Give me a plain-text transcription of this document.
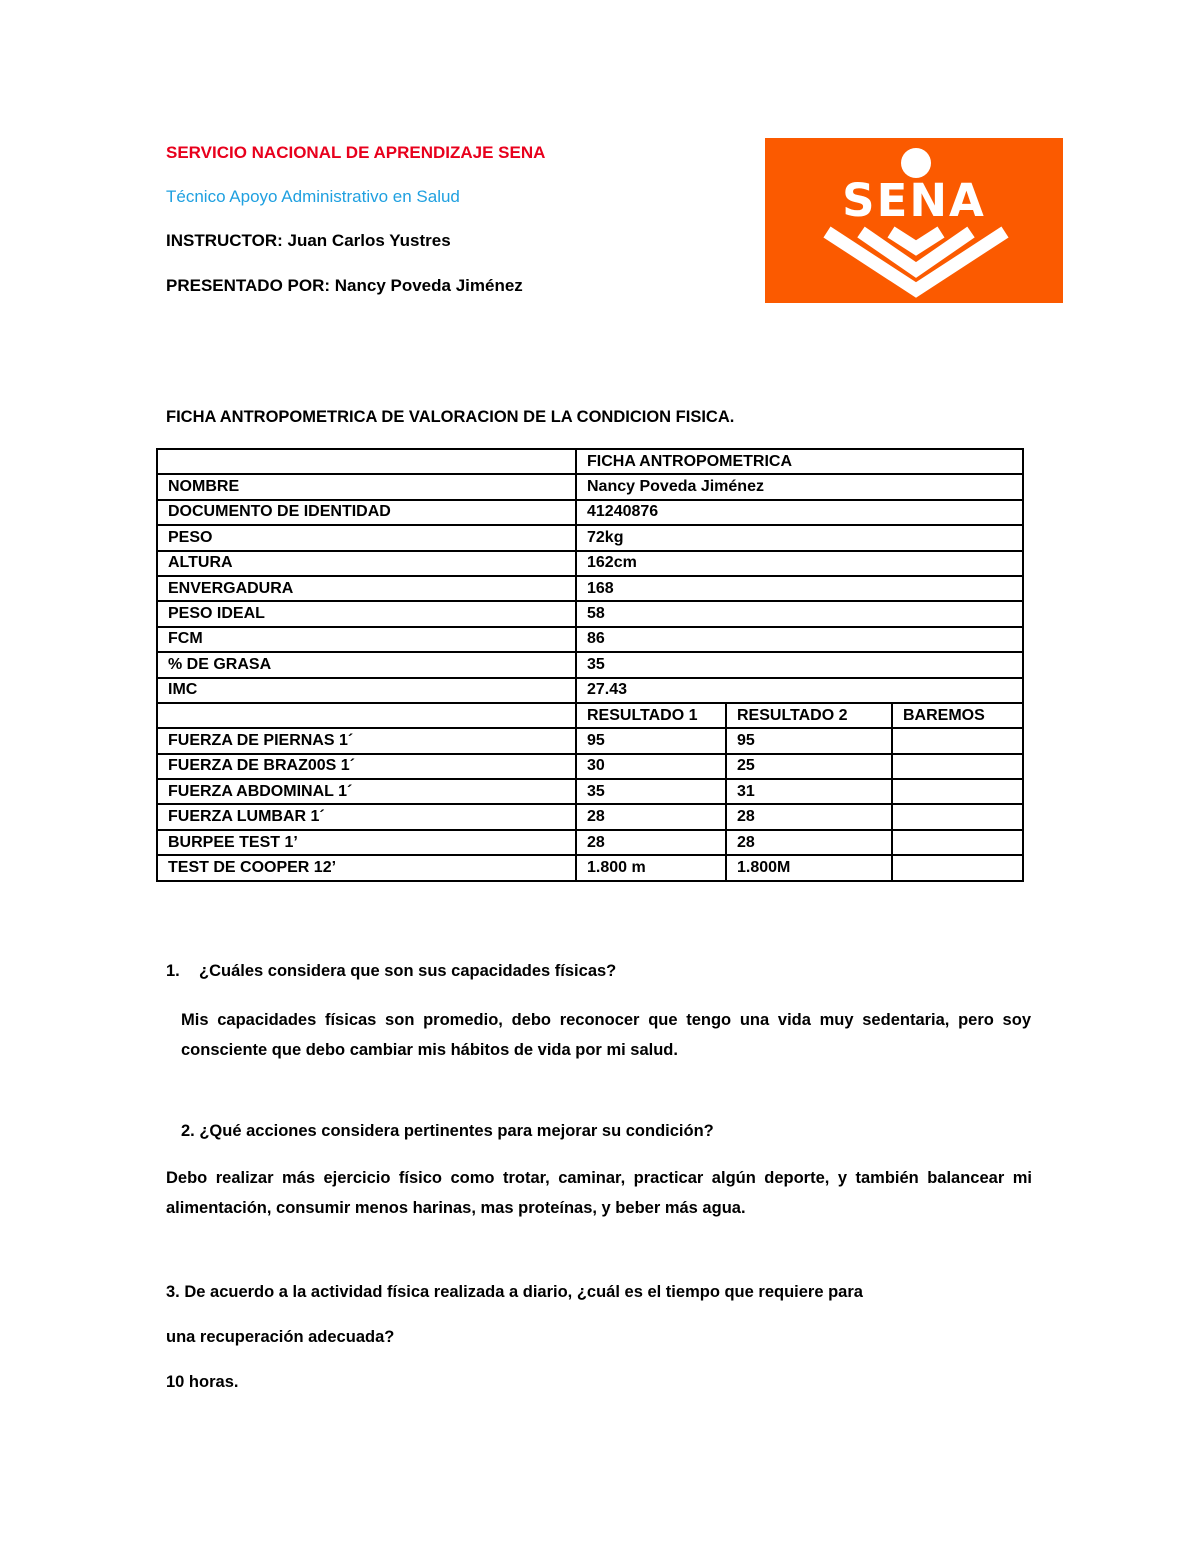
SERVICIO NACIONAL DE APRENDIZAJE SENA
Técnico Apoyo Administrativo en Salud
INSTRUCTOR: Juan Carlos Yustres
PRESENTADO POR: Nancy Poveda Jiménez
SENA
FICHA ANTROPOMETRICA DE VALORACION DE LA CONDICION FISICA.
	FICHA ANTROPOMETRICA		
NOMBRE	Nancy Poveda Jiménez		
DOCUMENTO DE IDENTIDAD	41240876		
PESO	72kg		
ALTURA	162cm		
ENVERGADURA	168		
PESO IDEAL	58		
FCM	86		
% DE GRASA	35		
IMC	27.43		
	RESULTADO 1	RESULTADO 2	BAREMOS
FUERZA DE PIERNAS 1´	95	95	
FUERZA DE BRAZ00S 1´	30	25	
FUERZA ABDOMINAL 1´	35	31	
FUERZA LUMBAR 1´	28	28	
BURPEE TEST 1’	28	28	
TEST DE COOPER 12’	1.800 m	1.800M	
1. ¿Cuáles considera que son sus capacidades físicas?
Mis capacidades físicas son promedio, debo reconocer que tengo una vida muy sedentaria, pero soy consciente que debo cambiar mis hábitos de vida por mi salud.
2. ¿Qué acciones considera pertinentes para mejorar su condición?
Debo realizar más ejercicio físico como trotar, caminar, practicar algún deporte, y también balancear mi alimentación, consumir menos harinas, mas proteínas, y beber más agua.
3. De acuerdo a la actividad física realizada a diario, ¿cuál es el tiempo que requiere para
una recuperación adecuada?
10 horas.
